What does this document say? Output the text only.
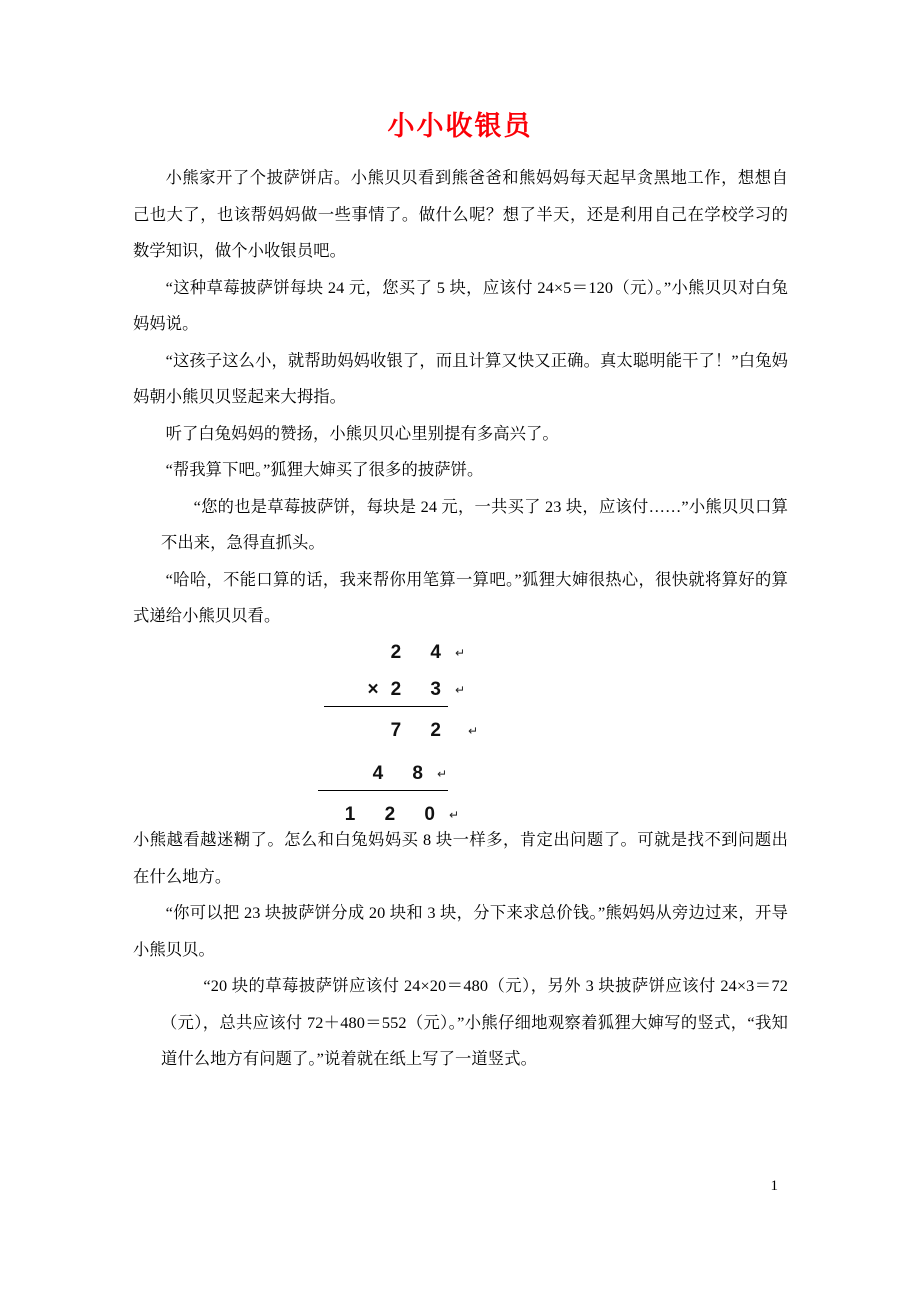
小小收银员

小熊家开了个披萨饼店。小熊贝贝看到熊爸爸和熊妈妈每天起早贪黑地工作，想想自己也大了，也该帮妈妈做一些事情了。做什么呢？想了半天，还是利用自己在学校学习的数学知识，做个小收银员吧。

“这种草莓披萨饼每块 24 元，您买了 5 块，应该付 24×5＝120（元）。”小熊贝贝对白兔妈妈说。

“这孩子这么小，就帮助妈妈收银了，而且计算又快又正确。真太聪明能干了！”白兔妈妈朝小熊贝贝竖起来大拇指。

听了白兔妈妈的赞扬，小熊贝贝心里别提有多高兴了。

“帮我算下吧。”狐狸大婶买了很多的披萨饼。

“您的也是草莓披萨饼，每块是 24 元，一共买了 23 块，应该付……”小熊贝贝口算不出来，急得直抓头。

“哈哈，不能口算的话，我来帮你用笔算一算吧。”狐狸大婶很热心，很快就将算好的算式递给小熊贝贝看。

2 4

↵

×2 3

↵

7 2

↵

4 8

↵

1 2 0

↵

小熊越看越迷糊了。怎么和白兔妈妈买 8 块一样多，肯定出问题了。可就是找不到问题出在什么地方。

“你可以把 23 块披萨饼分成 20 块和 3 块，分下来求总价钱。”熊妈妈从旁边过来，开导小熊贝贝。

“20 块的草莓披萨饼应该付 24×20＝480（元），另外 3 块披萨饼应该付 24×3＝72（元），总共应该付 72＋480＝552（元）。”小熊仔细地观察着狐狸大婶写的竖式，“我知道什么地方有问题了。”说着就在纸上写了一道竖式。

1
